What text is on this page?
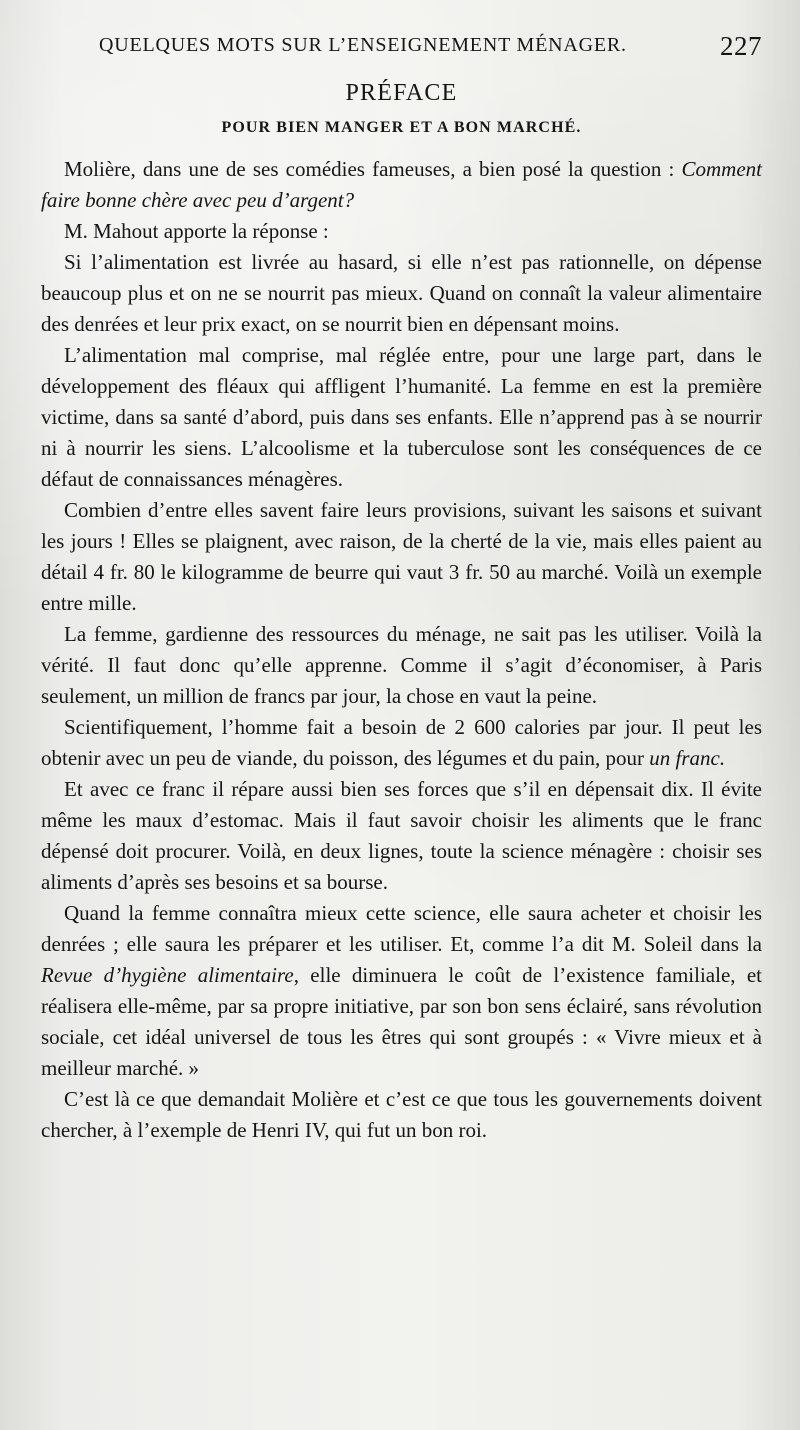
QUELQUES MOTS SUR L’ENSEIGNEMENT MÉNAGER.	227
PRÉFACE
POUR BIEN MANGER ET A BON MARCHÉ.

Molière, dans une de ses comédies fameuses, a bien posé la question : Comment faire bonne chère avec peu d’argent?

M. Mahout apporte la réponse :

Si l’alimentation est livrée au hasard, si elle n’est pas rationnelle, on dépense beaucoup plus et on ne se nourrit pas mieux. Quand on connaît la valeur alimentaire des denrées et leur prix exact, on se nourrit bien en dépensant moins.

L’alimentation mal comprise, mal réglée entre, pour une large part, dans le développement des fléaux qui affligent l’humanité. La femme en est la première victime, dans sa santé d’abord, puis dans ses enfants. Elle n’apprend pas à se nourrir ni à nourrir les siens. L’alcoolisme et la tuberculose sont les conséquences de ce défaut de connaissances ménagères.

Combien d’entre elles savent faire leurs provisions, suivant les saisons et suivant les jours ! Elles se plaignent, avec raison, de la cherté de la vie, mais elles paient au détail 4 fr. 80 le kilogramme de beurre qui vaut 3 fr. 50 au marché. Voilà un exemple entre mille.

La femme, gardienne des ressources du ménage, ne sait pas les utiliser. Voilà la vérité. Il faut donc qu’elle apprenne. Comme il s’agit d’économiser, à Paris seulement, un million de francs par jour, la chose en vaut la peine.

Scientifiquement, l’homme fait a besoin de 2 600 calories par jour. Il peut les obtenir avec un peu de viande, du poisson, des légumes et du pain, pour un franc.

Et avec ce franc il répare aussi bien ses forces que s’il en dépensait dix. Il évite même les maux d’estomac. Mais il faut savoir choisir les aliments que le franc dépensé doit procurer. Voilà, en deux lignes, toute la science ménagère : choisir ses aliments d’après ses besoins et sa bourse.

Quand la femme connaîtra mieux cette science, elle saura acheter et choisir les denrées ; elle saura les préparer et les utiliser. Et, comme l’a dit M. Soleil dans la Revue d’hygiène alimentaire, elle diminuera le coût de l’existence familiale, et réalisera elle-même, par sa propre initiative, par son bon sens éclairé, sans révolution sociale, cet idéal universel de tous les êtres qui sont groupés : « Vivre mieux et à meilleur marché. »

C’est là ce que demandait Molière et c’est ce que tous les gouvernements doivent chercher, à l’exemple de Henri IV, qui fut un bon roi.
